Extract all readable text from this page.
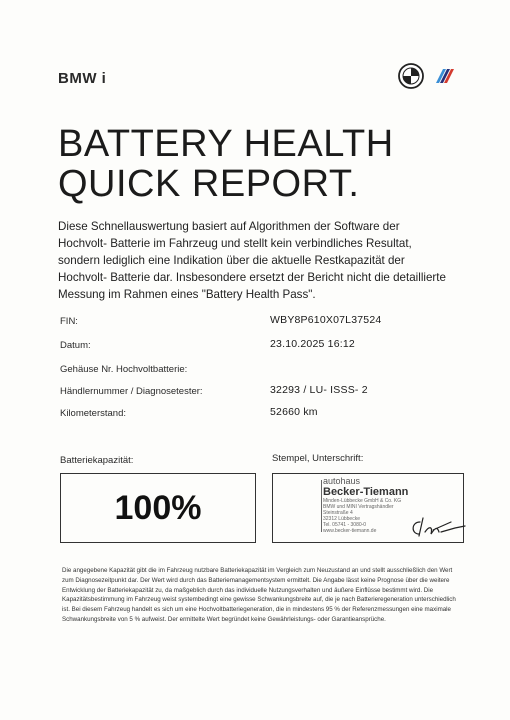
BMW i
BATTERY HEALTH
QUICK REPORT.
Diese Schnellauswertung basiert auf Algorithmen der Software der Hochvolt- Batterie im Fahrzeug und stellt kein verbindliches Resultat, sondern lediglich eine Indikation über die aktuelle Restkapazität der Hochvolt- Batterie dar. Insbesondere ersetzt der Bericht nicht die detaillierte Messung im Rahmen eines "Battery Health Pass".
FIN:	WBY8P610X07L37524
Datum:	23.10.2025 16:12
Gehäuse Nr. Hochvoltbatterie:
Händlernummer / Diagnosetester:	32293 / LU- ISSS- 2
Kilometerstand:	52660 km
Batteriekapazität:	Stempel, Unterschrift:
100%
autohaus
Becker-Tiemann
Minden-Lübbecke GmbH & Co. KG
BMW und MINI Vertragshändler
Steinstraße 4
32312 Lübbecke
Tel. 05741 - 3080-0
www.becker-tiemann.de
Die angegebene Kapazität gibt die im Fahrzeug nutzbare Batteriekapazität im Vergleich zum Neuzustand an und stellt ausschließlich den Wert zum Diagnosezeitpunkt dar. Der Wert wird durch das Batteriemanagementsystem ermittelt. Die Angabe lässt keine Prognose über die weitere Entwicklung der Batteriekapazität zu, da maßgeblich durch das individuelle Nutzungsverhalten und äußere Einflüsse bestimmt wird. Die Kapazitätsbestimmung im Fahrzeug weist systembedingt eine gewisse Schwankungsbreite auf, die je nach Batterieregeneration unterschiedlich ist. Bei diesem Fahrzeug handelt es sich um eine Hochvoltbatteriegeneration, die in mindestens 95 % der Referenzmessungen eine maximale Schwankungsbreite von 5 % aufweist. Der ermittelte Wert begründet keine Gewährleistungs- oder Garantieansprüche.
